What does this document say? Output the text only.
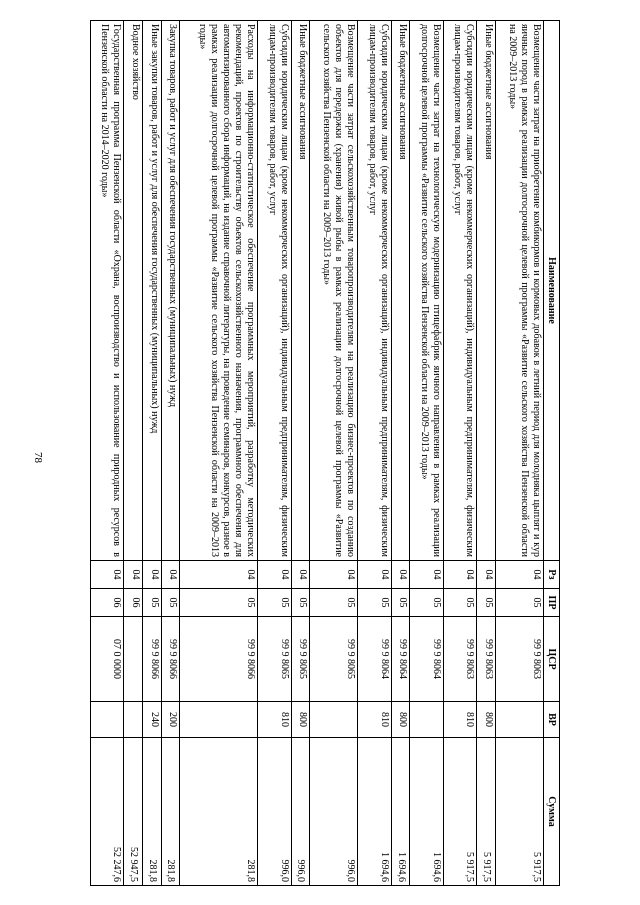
78
Наименование	Рз	ПР	ЦСР	ВР	Сумма
Возмещение части затрат на приобретение комбикормов и кормовых добавок в летний период для молодняка цыплят и кур яичных пород в рамках реализации долгосрочной целевой программы «Развитие сельского хозяйства Пензенской области на 2009–2013 годы»	04	05	99 9 8063		5 917,5
Иные бюджетные ассигнования	04	05	99 9 8063	800	5 917,5
Субсидии юридическим лицам (кроме некоммерческих организаций), индивидуальным предпринимателям, физическим лицам-производителям товаров, работ, услуг	04	05	99 9 8063	810	5 917,5
Возмещение части затрат на технологическую модернизацию птицефабрик яичного направления в рамках реализации долгосрочной целевой программы «Развитие сельского хозяйства Пензенской области на 2009–2013 годы»	04	05	99 9 8064		1 694,6
Иные бюджетные ассигнования	04	05	99 9 8064	800	1 694,6
Субсидии юридическим лицам (кроме некоммерческих организаций), индивидуальным предпринимателям, физическим лицам-производителям товаров, работ, услуг	04	05	99 9 8064	810	1 694,6
Возмещение части затрат сельскохозяйственным товаропроизводителям на реализацию бизнес-проектов по созданию объектов для передержки (хранения) живой рыбы в рамках реализации долгосрочной целевой программы «Развитие сельского хозяйства Пензенской области на 2009–2013 годы»	04	05	99 9 8065		996,0
Иные бюджетные ассигнования	04	05	99 9 8065	800	996,0
Субсидии юридическим лицам (кроме некоммерческих организаций), индивидуальным предпринимателям, физическим лицам-производителям товаров, работ, услуг	04	05	99 9 8065	810	996,0
Расходы на информационно-статистическое обеспечение программных мероприятий, разработку методических рекомендаций, проектов по строительству объектов сельскохозяйственного назначения, программного обеспечения для автоматизированного сбора информаций, на издание справочной литературы, на проведение семинаров, конкурсов, разное в рамках реализации долгосрочной целевой программы «Развитие сельского хозяйства Пензенской области на 2009–2013 годы»	04	05	99 9 8066		281,8
Закупка товаров, работ и услуг для обеспечения государственных (муниципальных) нужд	04	05	99 9 8066	200	281,8
Иные закупки товаров, работ и услуг для обеспечения государственных (муниципальных) нужд	04	05	99 9 8066	240	281,8
Водное хозяйство	04	06			52 947,5
Государственная программа Пензенской области «Охрана, воспроизводство и использование природных ресурсов в Пензенской области на 2014–2020 годы»	04	06	07 0 0000		52 247,6
